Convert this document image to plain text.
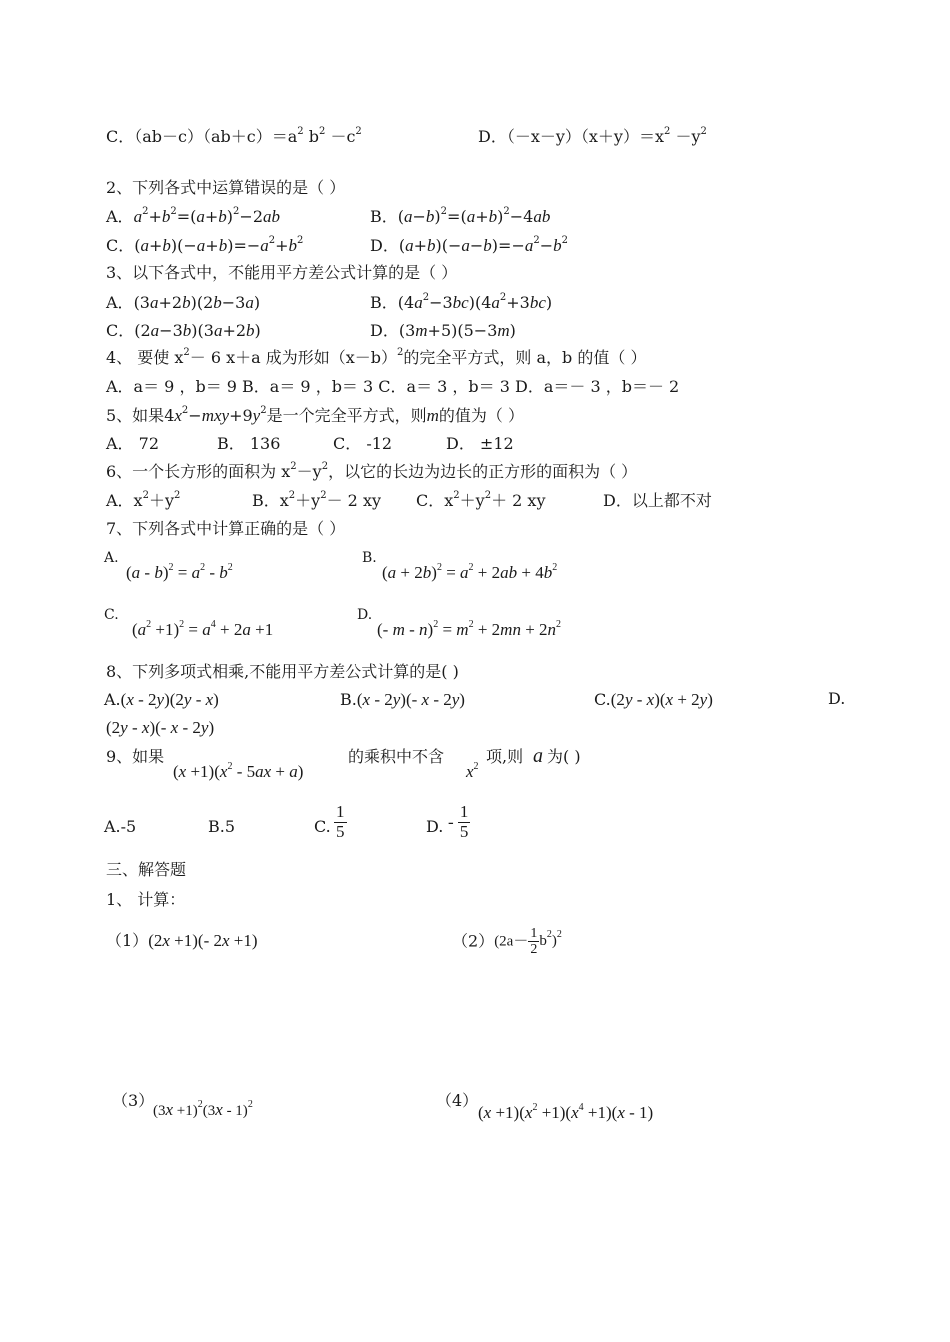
C．$(ab-c)(ab+c)=a^2$ $b^2 -c^2$	D．$(-x-y)(x+y)=x^2 -y^2$
2、下列各式中运算错误的是（ ）
A．$a^2+b^2=(a+b)^2-2ab$	B．$(a-b)^2=(a+b)^2-4ab$
C．$(a+b)(-a+b)=-a^2+b^2$	D．$(a+b)(-a-b)=-a^2-b^2$
3、以下各式中，不能用平方差公式计算的是（ ）
A．(3a+2b)(2b−3a)	B．$(4a^2-3bc)(4a^2+3bc)$
C．(2a−3b)(3a+2b)	D．(3m+5)(5−3m)
4、 要使 $x^2- 6$ x＋a 成为形如$(x-b)^2$的完全平方式，则 a，b 的值（ ）
A．a＝ 9 ，b＝ 9 B．a＝ 9 ，b＝ 3 C．a＝ 3 ，b＝ 3 D．a＝－ 3 ，b＝－ 2
5、如果$4x^2-mxy+9y^2$是一个完全平方式，则m的值为（ ）
A． 72	B． 136	C． -12	D． ±12
6、一个长方形的面积为 $x^2-y^2$，以它的长边为边长的正方形的面积为（ ）
A．$x^2+y^2$	B．$x^2+y^2- 2$ xy C．$x^2+y^2+ 2$ xy	D．以上都不对
7、下列各式中计算正确的是（ ）
A.
$(a - b)^2 = a^2 - b^2$
B.
$(a + 2b)^2 = a^2 + 2ab + 4b^2$
C.
$(a^2 +1)^2 = a^4 + 2a +1$
D.
(- $m - n)^2 = m^2 + 2mn + 2n^2$
8、下列多项式相乘,不能用平方差公式计算的是( )
A.(x - 2y)(2y - x)	B.(x - 2y)(- x - 2y)	C.(2y - x)(x + 2y)	D.
(2y - x)(- x - 2y)
9、如果
$(x +1)(x^2 - 5ax + a)$
的乘积中不含
$x^2$
项,则 a 为( )
A.-5	B.5	C. $\frac{1}{5}$	D. - $\frac{1}{5}$
三、解答题
1、 计算：
（1）(2x +1)(- 2x +1)	$(2)(2a- \frac{1}{2} b^2)^2$
（3）
$(3x +1)^2(3x - 1)^2$	（4）
$(x +1)(x^2 +1)(x^4 +1)(x - 1)$
